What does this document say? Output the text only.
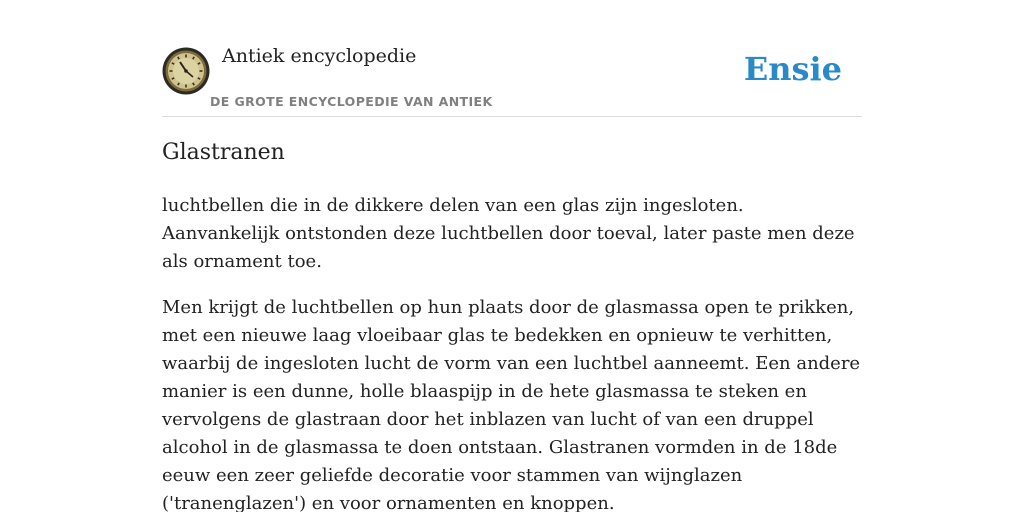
Antiek encyclopedie
DE GROTE ENCYCLOPEDIE VAN ANTIEK
Ensie
Glastranen

luchtbellen die in de dikkere delen van een glas zijn ingesloten. Aanvankelijk ontstonden deze luchtbellen door toeval, later paste men deze als ornament toe.

Men krijgt de luchtbellen op hun plaats door de glasmassa open te prikken, met een nieuwe laag vloeibaar glas te bedekken en opnieuw te verhitten, waarbij de ingesloten lucht de vorm van een luchtbel aanneemt. Een andere manier is een dunne, holle blaaspijp in de hete glasmassa te steken en vervolgens de glastraan door het inblazen van lucht of van een druppel alcohol in de glasmassa te doen ontstaan. Glastranen vormden in de 18de eeuw een zeer geliefde decoratie voor stammen van wijnglazen ('tranenglazen') en voor ornamenten en knoppen.
